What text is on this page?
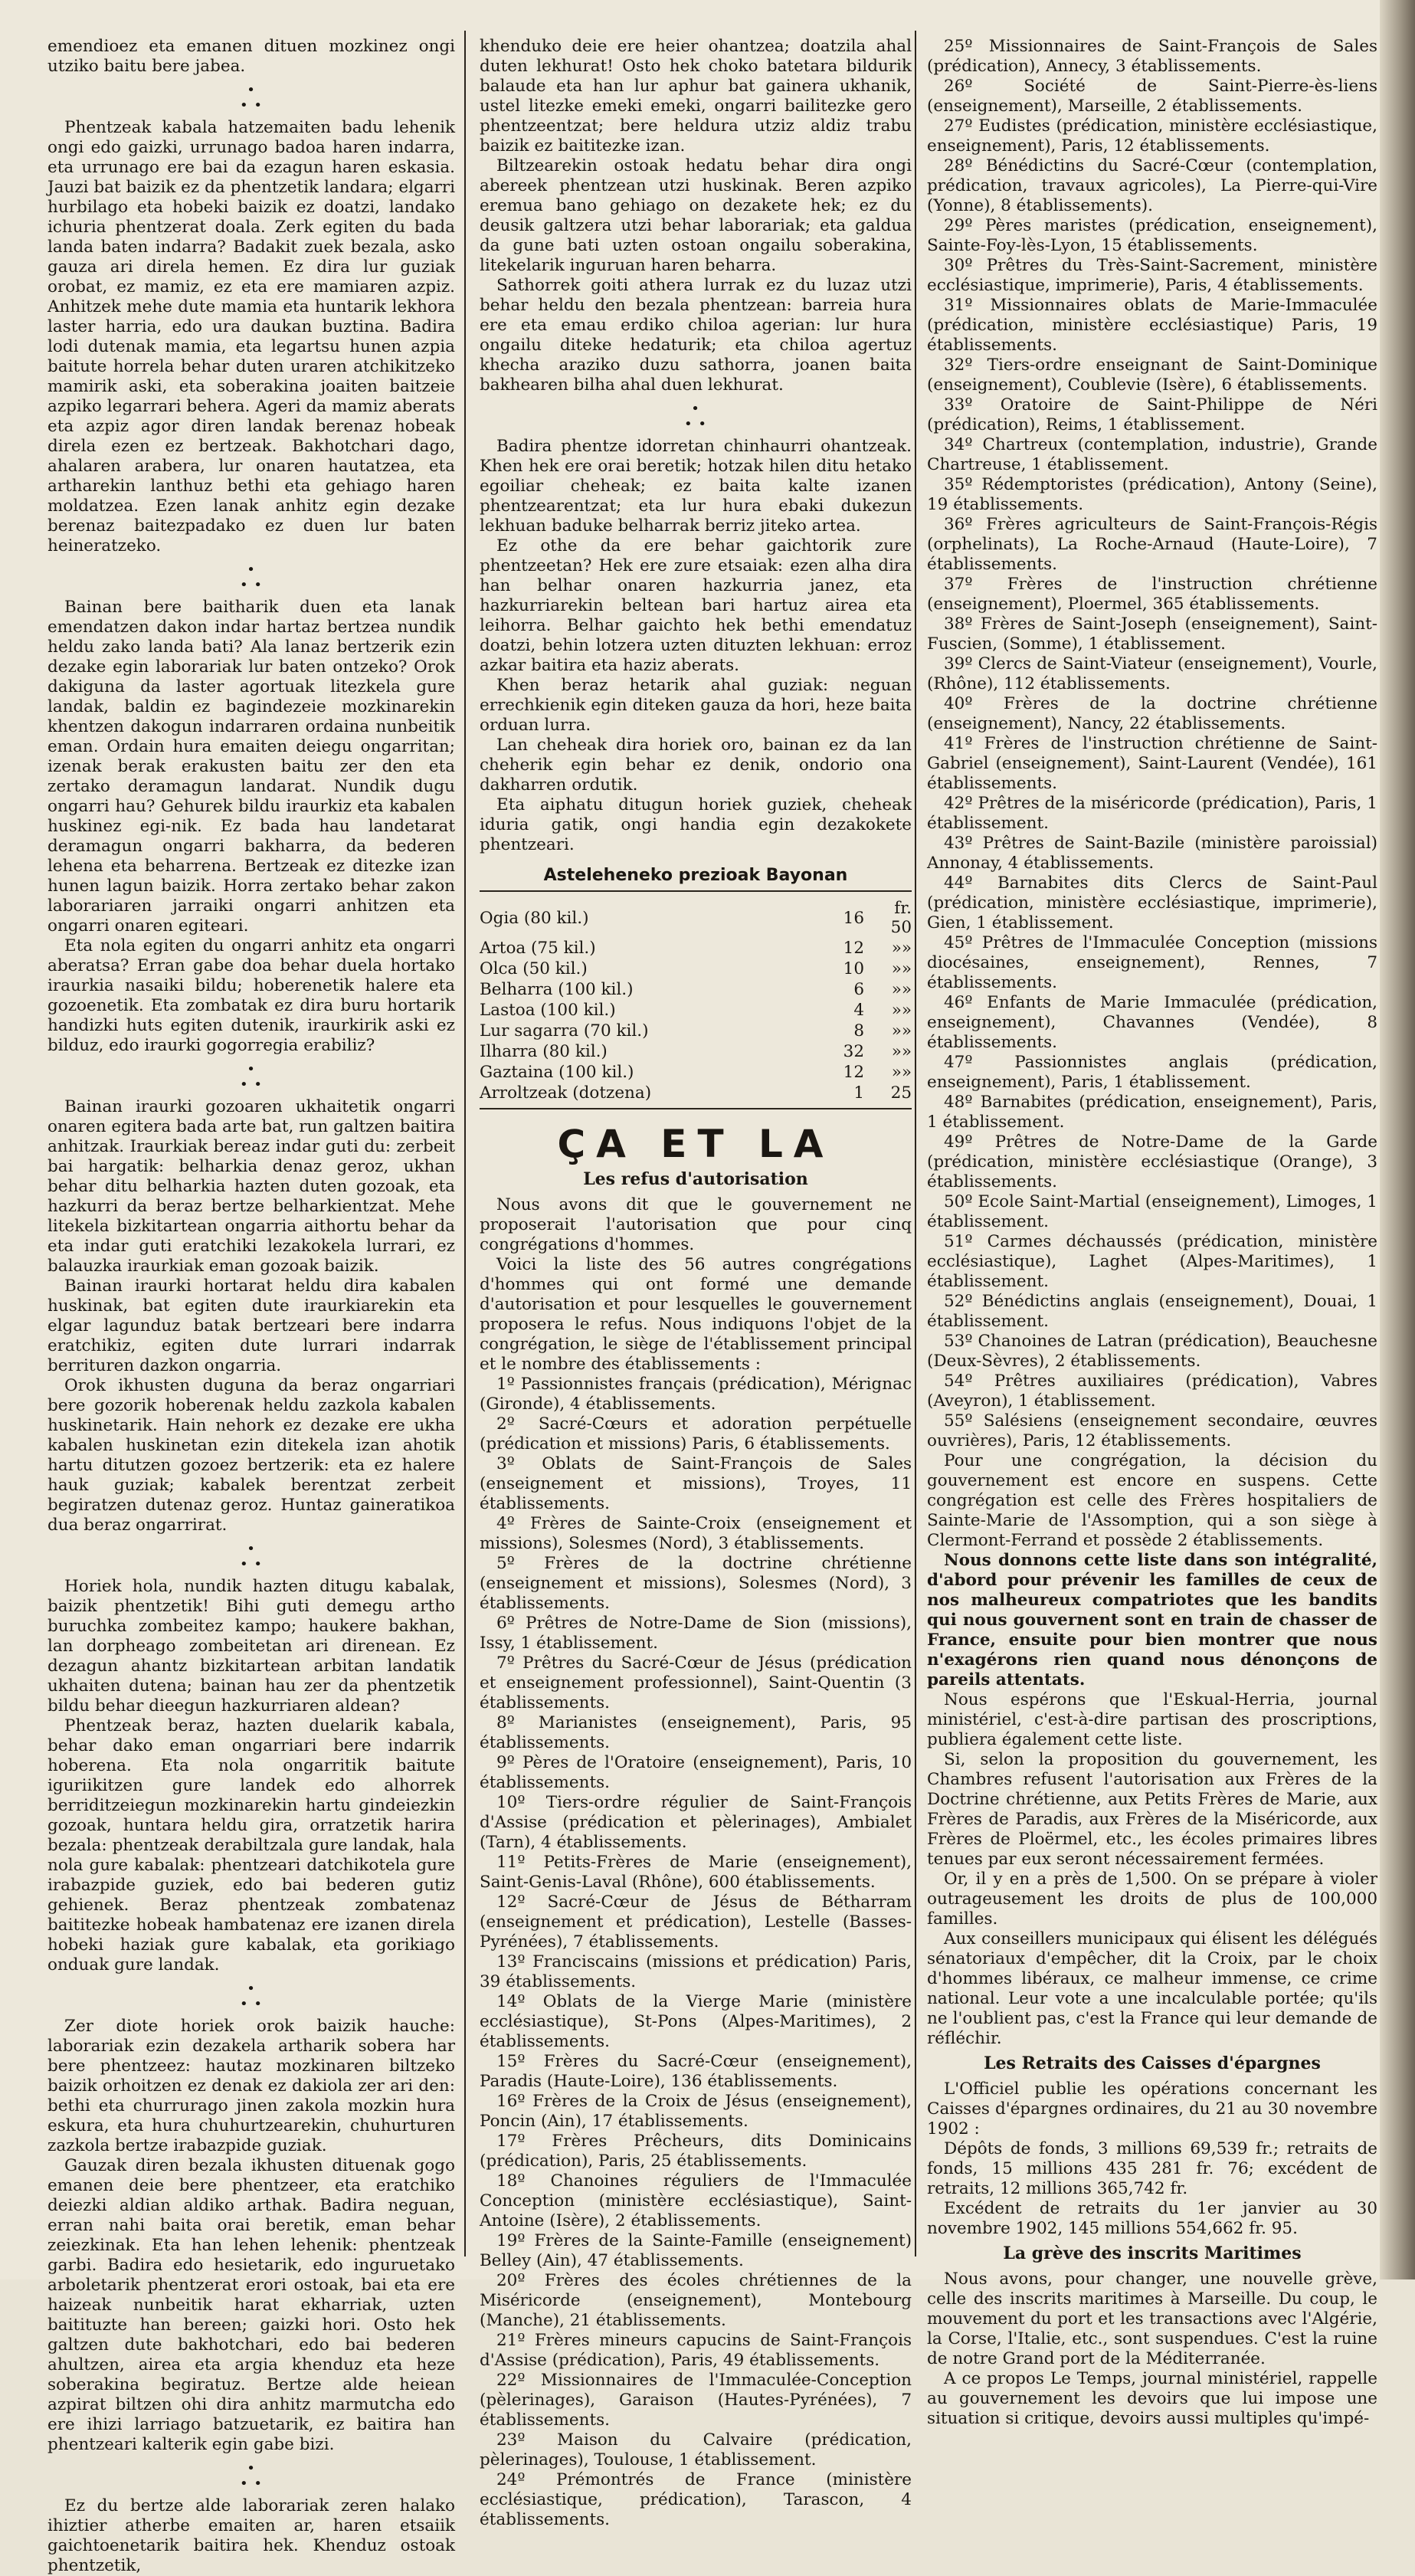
emendioez eta emanen dituen mozkinez ongi utziko baitu bere jabea.

•
• •

Phentzeak kabala hatzemaiten badu lehenik ongi edo gaizki, urrunago badoa haren indarra, eta urrunago ere bai da ezagun haren eskasia. Jauzi bat baizik ez da phentzetik landara; elgarri hurbilago eta hobeki baizik ez doatzi, landako ichuria phentzerat doala. Zerk egiten du bada landa baten indarra? Badakit zuek bezala, asko gauza ari direla hemen. Ez dira lur guziak orobat, ez mamiz, ez eta ere mamiaren azpiz. Anhitzek mehe dute mamia eta huntarik lekhora laster harria, edo ura daukan buztina. Badira lodi dutenak mamia, eta legartsu hunen azpia baitute horrela behar duten uraren atchikitzeko mamirik aski, eta soberakina joaiten baitzeie azpiko legarrari behera. Ageri da mamiz aberats eta azpiz agor diren landak berenaz hobeak direla ezen ez bertzeak. Bakhotchari dago, ahalaren arabera, lur onaren hautatzea, eta artharekin lanthuz bethi eta gehiago haren moldatzea. Ezen lanak anhitz egin dezake berenaz baitezpadako ez duen lur baten heineratzeko.

•
• •

Bainan bere baitharik duen eta lanak emendatzen dakon indar hartaz bertzea nundik heldu zako landa bati? Ala lanaz bertzerik ezin dezake egin laborariak lur baten ontzeko? Orok dakiguna da laster agortuak litezkela gure landak, baldin ez bagindezeie mozkinarekin khentzen dakogun indarraren ordaina nunbeitik eman. Ordain hura emaiten deiegu ongarritan; izenak berak erakusten baitu zer den eta zertako deramagun landarat. Nundik dugu ongarri hau? Gehurek bildu iraurkiz eta kabalen huskinez egi-nik. Ez bada hau landetarat deramagun ongarri bakharra, da bederen lehena eta beharrena. Bertzeak ez ditezke izan hunen lagun baizik. Horra zertako behar zakon laborariaren jarraiki ongarri anhitzen eta ongarri onaren egiteari.

Eta nola egiten du ongarri anhitz eta ongarri aberatsa? Erran gabe doa behar duela hortako iraurkia nasaiki bildu; hoberenetik halere eta gozoenetik. Eta zombatak ez dira buru hortarik handizki huts egiten dutenik, iraurkirik aski ez bilduz, edo iraurki gogorregia erabiliz?

•
• •

Bainan iraurki gozoaren ukhaitetik ongarri onaren egitera bada arte bat, run galtzen baitira anhitzak. Iraurkiak bereaz indar guti du: zerbeit bai hargatik: belharkia denaz geroz, ukhan behar ditu belharkia hazten duten gozoak, eta hazkurri da beraz bertze belharkientzat. Mehe litekela bizkitartean ongarria aithortu behar da eta indar guti eratchiki lezakokela lurrari, ez balauzka iraurkiak eman gozoak baizik.

Bainan iraurki hortarat heldu dira kabalen huskinak, bat egiten dute iraurkiarekin eta elgar lagunduz batak bertzeari bere indarra eratchikiz, egiten dute lurrari indarrak berrituren dazkon ongarria.

Orok ikhusten duguna da beraz ongarriari bere gozorik hoberenak heldu zazkola kabalen huskinetarik. Hain nehork ez dezake ere ukha kabalen huskinetan ezin ditekela izan ahotik hartu ditutzen gozoez bertzerik: eta ez halere hauk guziak; kabalek berentzat zerbeit begiratzen dutenaz geroz. Huntaz gaineratikoa dua beraz ongarrirat.

•
• •

Horiek hola, nundik hazten ditugu kabalak, baizik phentzetik! Bihi guti demegu artho buruchka zombeitez kampo; haukere bakhan, lan dorpheago zombeitetan ari direnean. Ez dezagun ahantz bizkitartean arbitan landatik ukhaiten dutena; bainan hau zer da phentzetik bildu behar dieegun hazkurriaren aldean?

Phentzeak beraz, hazten duelarik kabala, behar dako eman ongarriari bere indarrik hoberena. Eta nola ongarritik baitute iguriikitzen gure landek edo alhorrek berriditzeiegun mozkinarekin hartu gindeiezkin gozoak, huntara heldu gira, orratzetik harira bezala: phentzeak derabiltzala gure landak, hala nola gure kabalak: phentzeari datchikotela gure irabazpide guziek, edo bai bederen gutiz gehienek. Beraz phentzeak zombatenaz baititezke hobeak hambatenaz ere izanen direla hobeki haziak gure kabalak, eta gorikiago onduak gure landak.

•
• •

Zer diote horiek orok baizik hauche: laborariak ezin dezakela artharik sobera har bere phentzeez: hautaz mozkinaren biltzeko baizik orhoitzen ez denak ez dakiola zer ari den: bethi eta churrurago jinen zakola mozkin hura eskura, eta hura chuhurtzearekin, chuhurturen zazkola bertze irabazpide guziak.

Gauzak diren bezala ikhusten dituenak gogo emanen deie bere phentzeer, eta eratchiko deiezki aldian aldiko arthak. Badira neguan, erran nahi baita orai beretik, eman behar zeiezkinak. Eta han lehen lehenik: phentzeak garbi. Badira edo hesietarik, edo inguruetako arboletarik phentzerat erori ostoak, bai eta ere haizeak nunbeitik harat ekharriak, uzten baitituzte han bereen; gaizki hori. Osto hek galtzen dute bakhotchari, edo bai bederen ahultzen, airea eta argia khenduz eta heze soberakina begiratuz. Bertze alde heiean azpirat biltzen ohi dira anhitz marmutcha edo ere ihizi larriago batzuetarik, ez baitira han phentzeari kalterik egin gabe bizi.

•
• •

Ez du bertze alde laborariak zeren halako ihiztier atherbe emaiten ar, haren etsaiik gaichtoenetarik baitira hek. Khenduz ostoak phentzetik,

khenduko deie ere heier ohantzea; doatzila ahal duten lekhurat! Osto hek choko batetara bildurik balaude eta han lur aphur bat gainera ukhanik, ustel litezke emeki emeki, ongarri bailitezke gero phentzeentzat; bere heldura utziz aldiz trabu baizik ez baititezke izan.

Biltzearekin ostoak hedatu behar dira ongi abereek phentzean utzi huskinak. Beren azpiko eremua bano gehiago on dezakete hek; ez du deusik galtzera utzi behar laborariak; eta galdua da gune bati uzten ostoan ongailu soberakina, litekelarik inguruan haren beharra.

Sathorrek goiti athera lurrak ez du luzaz utzi behar heldu den bezala phentzean: barreia hura ere eta emau erdiko chiloa agerian: lur hura ongailu diteke hedaturik; eta chiloa agertuz khecha araziko duzu sathorra, joanen baita bakhearen bilha ahal duen lekhurat.

•
• •

Badira phentze idorretan chinhaurri ohantzeak. Khen hek ere orai beretik; hotzak hilen ditu hetako egoiliar cheheak; ez baita kalte izanen phentzearentzat; eta lur hura ebaki dukezun lekhuan baduke belharrak berriz jiteko artea.

Ez othe da ere behar gaichtorik zure phentzeetan? Hek ere zure etsaiak: ezen alha dira han belhar onaren hazkurria janez, eta hazkurriarekin beltean bari hartuz airea eta leihorra. Belhar gaichto hek bethi emendatuz doatzi, behin lotzera uzten dituzten lekhuan: erroz azkar baitira eta haziz aberats.

Khen beraz hetarik ahal guziak: neguan errechkienik egin diteken gauza da hori, heze baita orduan lurra.

Lan cheheak dira horiek oro, bainan ez da lan cheherik egin behar ez denik, ondorio ona dakharren ordutik.

Eta aiphatu ditugun horiek guziek, cheheak iduria gatik, ongi handia egin dezakokete phentzeari.

Asteleheneko prezioak Bayonan
Ogia (80 kil.)	16	fr. 50
Artoa (75 kil.)	12	»»
Olca (50 kil.)	10	»»
Belharra (100 kil.)	6	»»
Lastoa (100 kil.)	4	»»
Lur sagarra (70 kil.)	8	»»
Ilharra (80 kil.)	32	»»
Gaztaina (100 kil.)	12	»»
Arroltzeak (dotzena)	1	25
ÇA ET LA
Les refus d'autorisation

Nous avons dit que le gouvernement ne proposerait l'autorisation que pour cinq congrégations d'hommes.

Voici la liste des 56 autres congrégations d'hommes qui ont formé une demande d'autorisation et pour lesquelles le gouvernement proposera le refus. Nous indiquons l'objet de la congrégation, le siège de l'établissement principal et le nombre des établissements :

1º Passionnistes français (prédication), Mérignac (Gironde), 4 établissements.
2º Sacré-Cœurs et adoration perpétuelle (prédication et missions) Paris, 6 établissements.
3º Oblats de Saint-François de Sales (enseignement et missions), Troyes, 11 établissements.
4º Frères de Sainte-Croix (enseignement et missions), Solesmes (Nord), 3 établissements.
5º Frères de la doctrine chrétienne (enseignement et missions), Solesmes (Nord), 3 établissements.
6º Prêtres de Notre-Dame de Sion (missions), Issy, 1 établissement.
7º Prêtres du Sacré-Cœur de Jésus (prédication et enseignement professionnel), Saint-Quentin (3 établissements.
8º Marianistes (enseignement), Paris, 95 établissements.
9º Pères de l'Oratoire (enseignement), Paris, 10 établissements.
10º Tiers-ordre régulier de Saint-François d'Assise (prédication et pèlerinages), Ambialet (Tarn), 4 établissements.
11º Petits-Frères de Marie (enseignement), Saint-Genis-Laval (Rhône), 600 établissements.
12º Sacré-Cœur de Jésus de Bétharram (enseignement et prédication), Lestelle (Basses-Pyrénées), 7 établissements.
13º Franciscains (missions et prédication) Paris, 39 établissements.
14º Oblats de la Vierge Marie (ministère ecclésiastique), St-Pons (Alpes-Maritimes), 2 établissements.
15º Frères du Sacré-Cœur (enseignement), Paradis (Haute-Loire), 136 établissements.
16º Frères de la Croix de Jésus (enseignement), Poncin (Ain), 17 établissements.
17º Frères Prêcheurs, dits Dominicains (prédication), Paris, 25 établissements.
18º Chanoines réguliers de l'Immaculée Conception (ministère ecclésiastique), Saint-Antoine (Isère), 2 établissements.
19º Frères de la Sainte-Famille (enseignement) Belley (Ain), 47 établissements.
20º Frères des écoles chrétiennes de la Miséricorde (enseignement), Montebourg (Manche), 21 établissements.
21º Frères mineurs capucins de Saint-François d'Assise (prédication), Paris, 49 établissements.
22º Missionnaires de l'Immaculée-Conception (pèlerinages), Garaison (Hautes-Pyrénées), 7 établissements.
23º Maison du Calvaire (prédication, pèlerinages), Toulouse, 1 établissement.
24º Prémontrés de France (ministère ecclésiastique, prédication), Tarascon, 4 établissements.
25º Missionnaires de Saint-François de Sales (prédication), Annecy, 3 établissements.
26º Société de Saint-Pierre-ès-liens (enseignement), Marseille, 2 établissements.
27º Eudistes (prédication, ministère ecclésiastique, enseignement), Paris, 12 établissements.
28º Bénédictins du Sacré-Cœur (contemplation, prédication, travaux agricoles), La Pierre-qui-Vire (Yonne), 8 établissements).
29º Pères maristes (prédication, enseignement), Sainte-Foy-lès-Lyon, 15 établissements.
30º Prêtres du Très-Saint-Sacrement, ministère ecclésiastique, imprimerie), Paris, 4 établissements.
31º Missionnaires oblats de Marie-Immaculée (prédication, ministère ecclésiastique) Paris, 19 établissements.
32º Tiers-ordre enseignant de Saint-Dominique (enseignement), Coublevie (Isère), 6 établissements.
33º Oratoire de Saint-Philippe de Néri (prédication), Reims, 1 établissement.
34º Chartreux (contemplation, industrie), Grande Chartreuse, 1 établissement.
35º Rédemptoristes (prédication), Antony (Seine), 19 établissements.
36º Frères agriculteurs de Saint-François-Régis (orphelinats), La Roche-Arnaud (Haute-Loire), 7 établissements.
37º Frères de l'instruction chrétienne (enseignement), Ploermel, 365 établissements.
38º Frères de Saint-Joseph (enseignement), Saint-Fuscien, (Somme), 1 établissement.
39º Clercs de Saint-Viateur (enseignement), Vourle, (Rhône), 112 établissements.
40º Frères de la doctrine chrétienne (enseignement), Nancy, 22 établissements.
41º Frères de l'instruction chrétienne de Saint-Gabriel (enseignement), Saint-Laurent (Vendée), 161 établissements.
42º Prêtres de la miséricorde (prédication), Paris, 1 établissement.
43º Prêtres de Saint-Bazile (ministère paroissial) Annonay, 4 établissements.
44º Barnabites dits Clercs de Saint-Paul (prédication, ministère ecclésiastique, imprimerie), Gien, 1 établissement.
45º Prêtres de l'Immaculée Conception (missions diocésaines, enseignement), Rennes, 7 établissements.
46º Enfants de Marie Immaculée (prédication, enseignement), Chavannes (Vendée), 8 établissements.
47º Passionnistes anglais (prédication, enseignement), Paris, 1 établissement.
48º Barnabites (prédication, enseignement), Paris, 1 établissement.
49º Prêtres de Notre-Dame de la Garde (prédication, ministère ecclésiastique (Orange), 3 établissements.
50º Ecole Saint-Martial (enseignement), Limoges, 1 établissement.
51º Carmes déchaussés (prédication, ministère ecclésiastique), Laghet (Alpes-Maritimes), 1 établissement.
52º Bénédictins anglais (enseignement), Douai, 1 établissement.
53º Chanoines de Latran (prédication), Beauchesne (Deux-Sèvres), 2 établissements.
54º Prêtres auxiliaires (prédication), Vabres (Aveyron), 1 établissement.
55º Salésiens (enseignement secondaire, œuvres ouvrières), Paris, 12 établissements.

Pour une congrégation, la décision du gouvernement est encore en suspens. Cette congrégation est celle des Frères hospitaliers de Sainte-Marie de l'Assomption, qui a son siège à Clermont-Ferrand et possède 2 établissements.

Nous donnons cette liste dans son intégralité, d'abord pour prévenir les familles de ceux de nos malheureux compatriotes que les bandits qui nous gouvernent sont en train de chasser de France, ensuite pour bien montrer que nous n'exagérons rien quand nous dénonçons de pareils attentats.

Nous espérons que l'Eskual-Herria, journal ministériel, c'est-à-dire partisan des proscriptions, publiera également cette liste.

Si, selon la proposition du gouvernement, les Chambres refusent l'autorisation aux Frères de la Doctrine chrétienne, aux Petits Frères de Marie, aux Frères de Paradis, aux Frères de la Miséricorde, aux Frères de Ploërmel, etc., les écoles primaires libres tenues par eux seront nécessairement fermées.

Or, il y en a près de 1,500. On se prépare à violer outrageusement les droits de plus de 100,000 familles.

Aux conseillers municipaux qui élisent les délégués sénatoriaux d'empêcher, dit la Croix, par le choix d'hommes libéraux, ce malheur immense, ce crime national. Leur vote a une incalculable portée; qu'ils ne l'oublient pas, c'est la France qui leur demande de réfléchir.

Les Retraits des Caisses d'épargnes

L'Officiel publie les opérations concernant les Caisses d'épargnes ordinaires, du 21 au 30 novembre 1902 :

Dépôts de fonds, 3 millions 69,539 fr.; retraits de fonds, 15 millions 435 281 fr. 76; excédent de retraits, 12 millions 365,742 fr.

Excédent de retraits du 1er janvier au 30 novembre 1902, 145 millions 554,662 fr. 95.

La grève des inscrits Maritimes

Nous avons, pour changer, une nouvelle grève, celle des inscrits maritimes à Marseille. Du coup, le mouvement du port et les transactions avec l'Algérie, la Corse, l'Italie, etc., sont suspendues. C'est la ruine de notre Grand port de la Méditerranée.

A ce propos Le Temps, journal ministériel, rappelle au gouvernement les devoirs que lui impose une situation si critique, devoirs aussi multiples qu'impé-
